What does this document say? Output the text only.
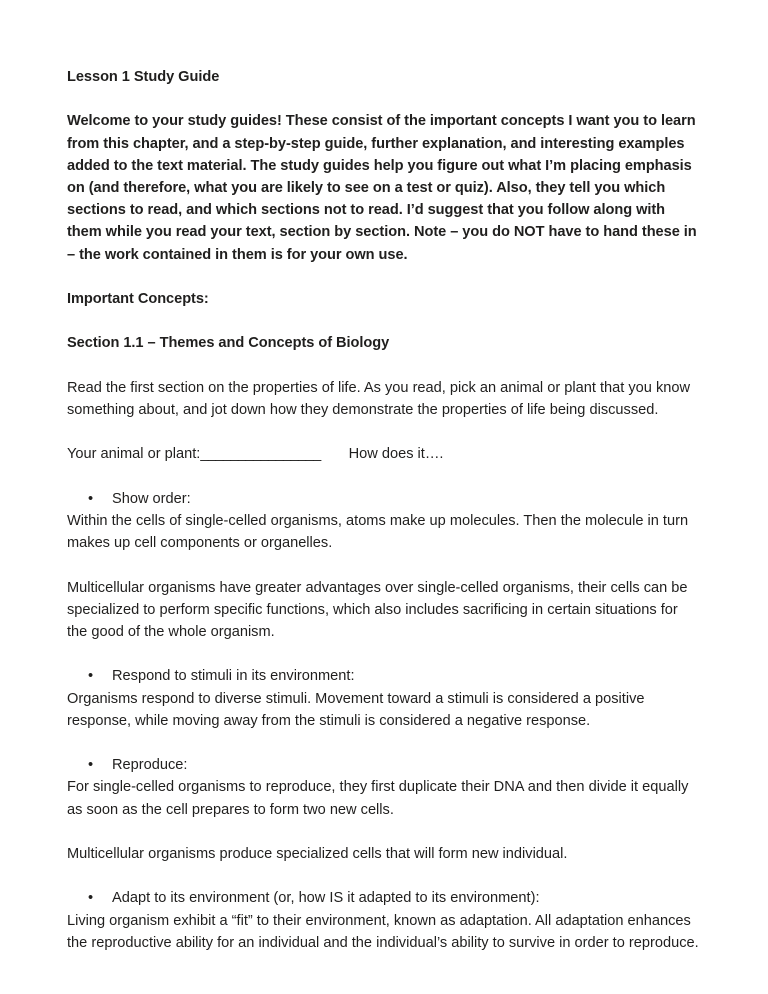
Lesson 1 Study Guide
Welcome to your study guides! These consist of the important concepts I want you to learn from this chapter, and a step-by-step guide, further explanation, and interesting examples added to the text material. The study guides help you figure out what I’m placing emphasis on (and therefore, what you are likely to see on a test or quiz). Also, they tell you which sections to read, and which sections not to read. I’d suggest that you follow along with them while you read your text, section by section. Note – you do NOT have to hand these in – the work contained in them is for your own use.
Important Concepts:
Section 1.1 – Themes and Concepts of Biology
Read the first section on the properties of life. As you read, pick an animal or plant that you know something about, and jot down how they demonstrate the properties of life being discussed.
Your animal or plant:________________ How does it….
• Show order:
Within the cells of single-celled organisms, atoms make up molecules. Then the molecule in turn makes up cell components or organelles.
Multicellular organisms have greater advantages over single-celled organisms, their cells can be specialized to perform specific functions, which also includes sacrificing in certain situations for the good of the whole organism.
• Respond to stimuli in its environment:
Organisms respond to diverse stimuli. Movement toward a stimuli is considered a positive response, while moving away from the stimuli is considered a negative response.
• Reproduce:
For single-celled organisms to reproduce, they first duplicate their DNA and then divide it equally as soon as the cell prepares to form two new cells.
Multicellular organisms produce specialized cells that will form new individual.
• Adapt to its environment (or, how IS it adapted to its environment):
Living organism exhibit a “fit” to their environment, known as adaptation. All adaptation enhances the reproductive ability for an individual and the individual’s ability to survive in order to reproduce.
